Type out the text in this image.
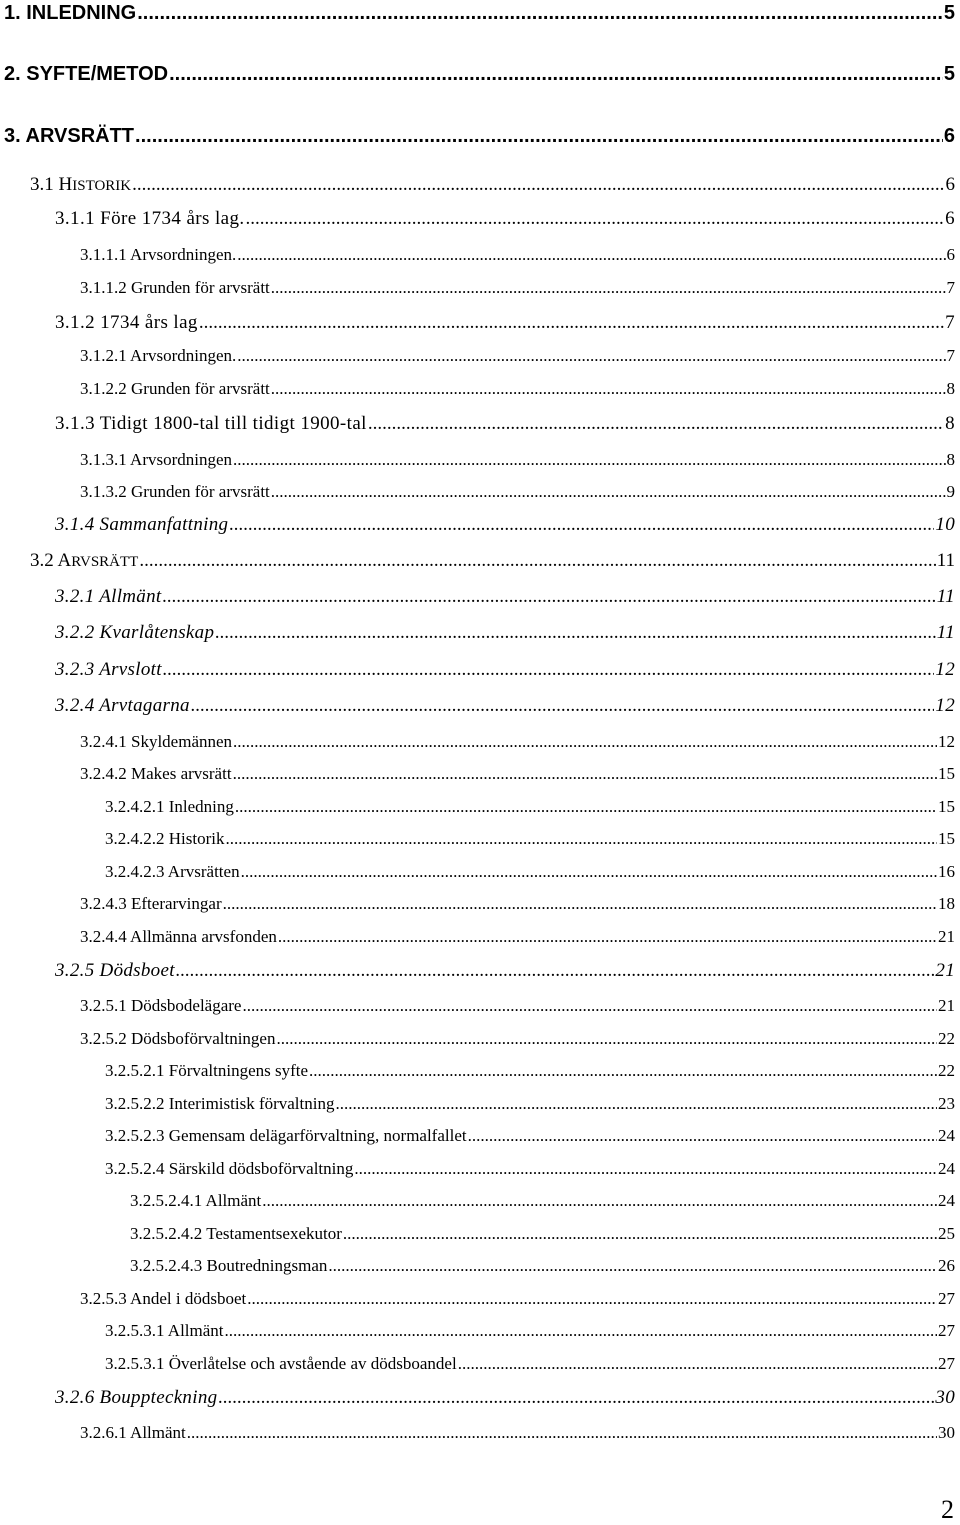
1. INLEDNING .....	5
2. SYFTE/METOD .....	5
3. ARVSRÄTT .....	6
3.1 HISTORIK .....	6
3.1.1 Före 1734 års lag. .....	6
3.1.1.1 Arvsordningen. .....	6
3.1.1.2 Grunden för arvsrätt .....	7
3.1.2 1734 års lag .....	7
3.1.2.1 Arvsordningen. .....	7
3.1.2.2 Grunden för arvsrätt .....	8
3.1.3 Tidigt 1800-tal till tidigt 1900-tal .....	8
3.1.3.1 Arvsordningen .....	8
3.1.3.2 Grunden för arvsrätt .....	9
3.1.4 Sammanfattning .....	10
3.2 ARVSRÄTT .....	11
3.2.1 Allmänt .....	11
3.2.2 Kvarlåtenskap .....	11
3.2.3 Arvslott .....	12
3.2.4 Arvtagarna .....	12
3.2.4.1 Skyldemännen .....	12
3.2.4.2 Makes arvsrätt .....	15
3.2.4.2.1 Inledning .....	15
3.2.4.2.2 Historik .....	15
3.2.4.2.3 Arvsrätten .....	16
3.2.4.3 Efterarvingar .....	18
3.2.4.4 Allmänna arvsfonden .....	21
3.2.5 Dödsboet .....	21
3.2.5.1 Dödsbodelägare .....	21
3.2.5.2 Dödsboförvaltningen .....	22
3.2.5.2.1 Förvaltningens syfte .....	22
3.2.5.2.2 Interimistisk förvaltning .....	23
3.2.5.2.3 Gemensam delägarförvaltning, normalfallet .....	24
3.2.5.2.4 Särskild dödsboförvaltning .....	24
3.2.5.2.4.1 Allmänt .....	24
3.2.5.2.4.2 Testamentsexekutor .....	25
3.2.5.2.4.3 Boutredningsman .....	26
3.2.5.3 Andel i dödsboet .....	27
3.2.5.3.1 Allmänt .....	27
3.2.5.3.1 Överlåtelse och avstående av dödsboandel .....	27
3.2.6 Bouppteckning .....	30
3.2.6.1 Allmänt .....	30
2
